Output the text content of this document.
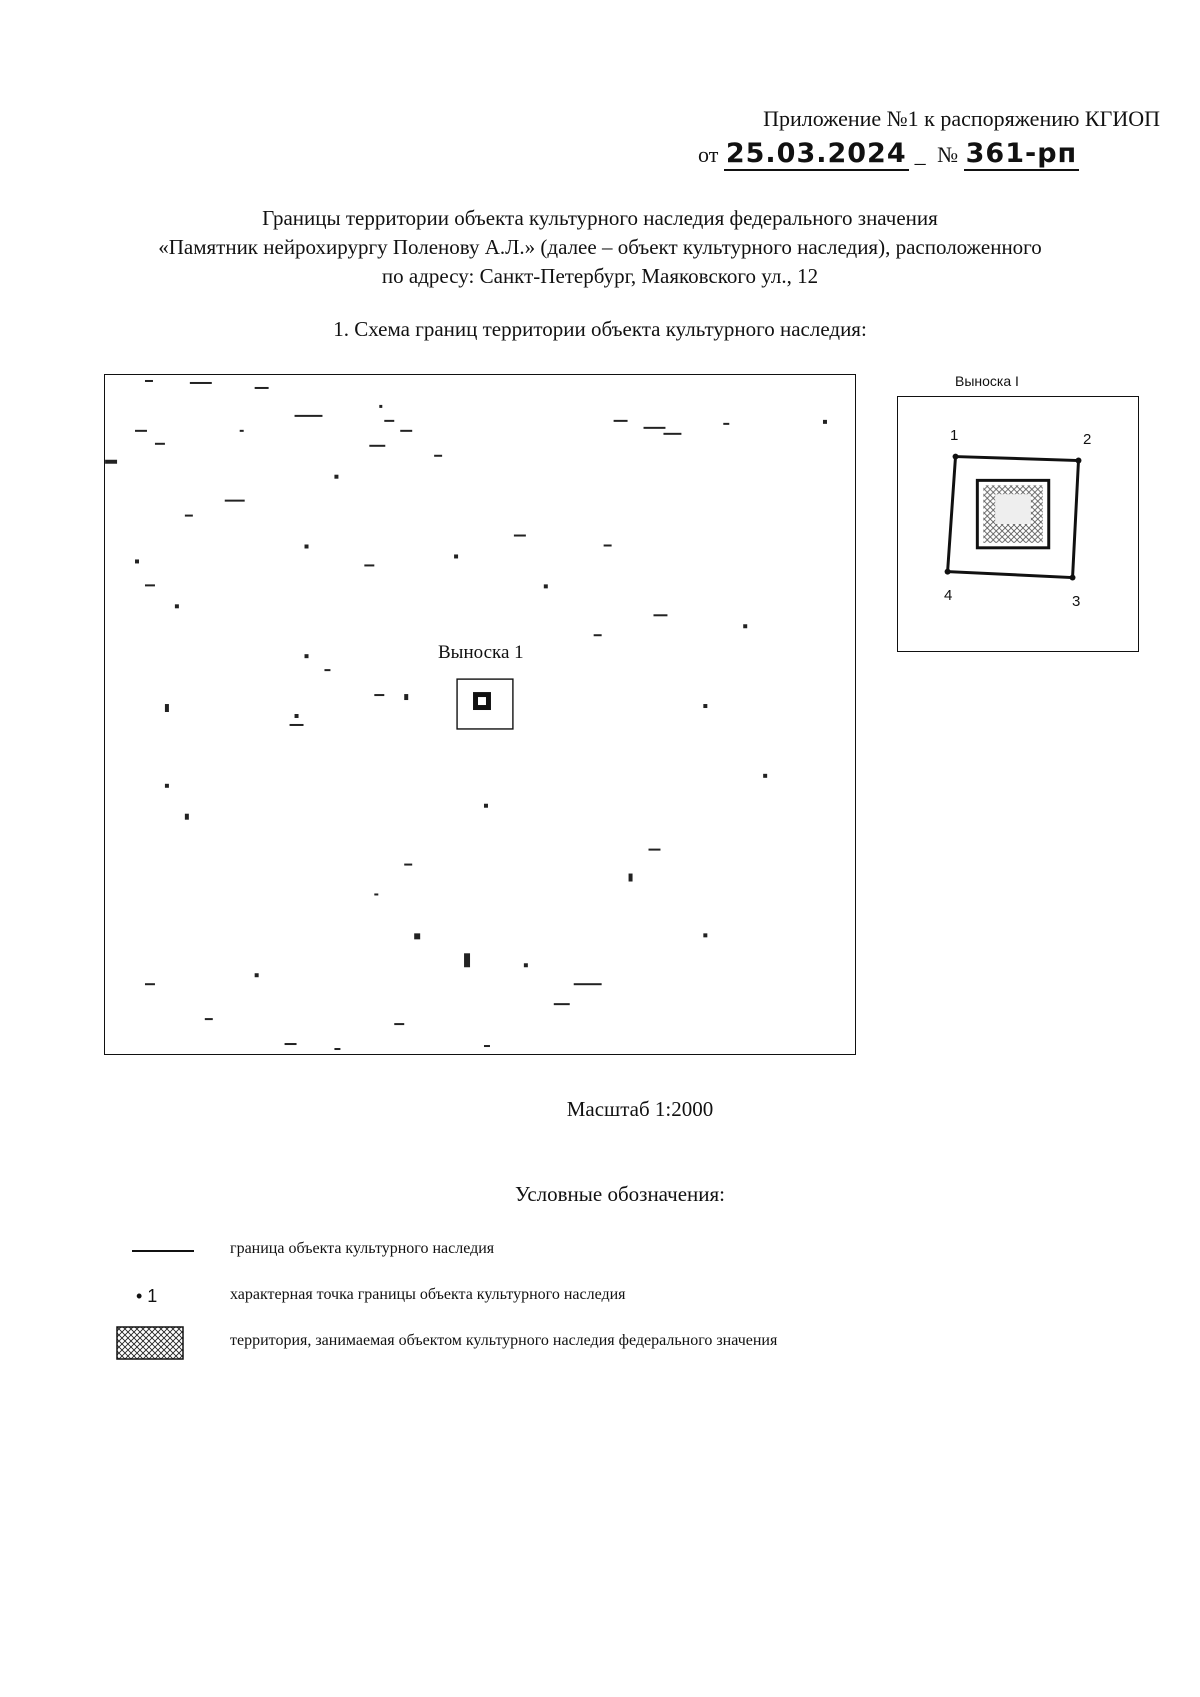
Приложение №1 к распоряжению КГИОП
от 25.03.2024 _ № 361-рп
Границы территории объекта культурного наследия федерального значения
«Памятник нейрохирургу Поленову А.Л.» (далее – объект культурного наследия), расположенного
по адресу: Санкт-Петербург, Маяковского ул., 12
1. Схема границ территории объекта культурного наследия:
Выноска 1
Выноска I
1	2
3
4
Масштаб 1:2000
Условные обозначения:
граница объекта культурного наследия
• 1	характерная точка границы объекта культурного наследия
территория, занимаемая объектом культурного наследия федерального значения
